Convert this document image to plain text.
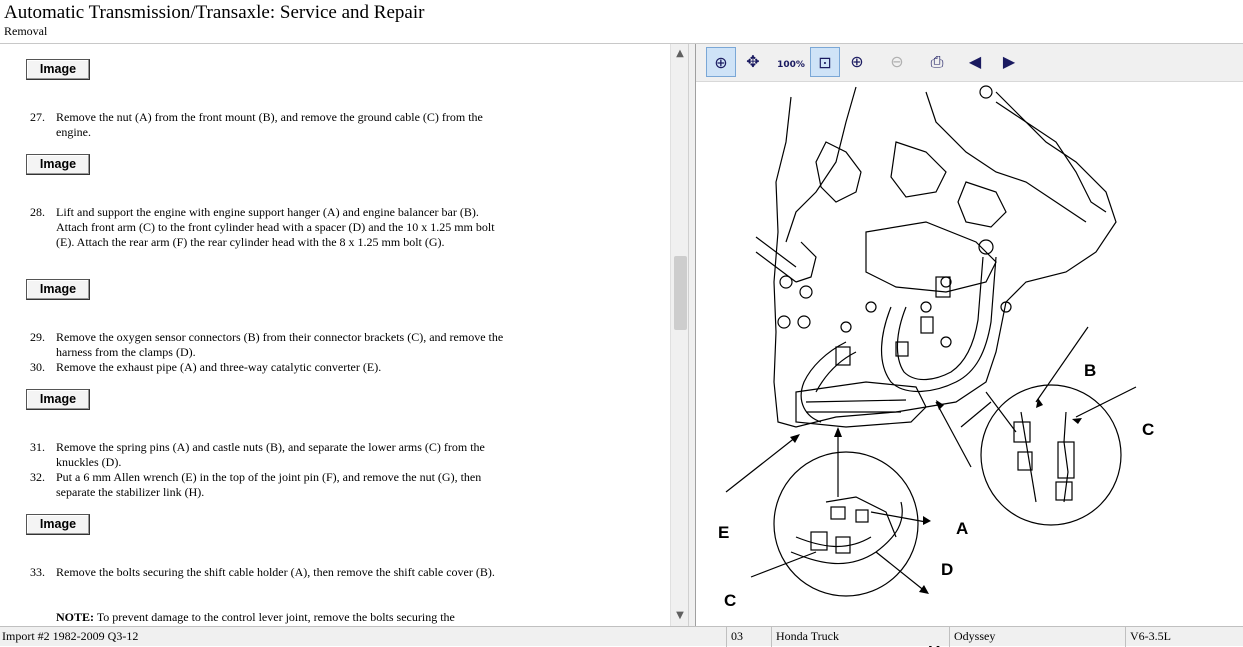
Automatic Transmission/Transaxle: Service and Repair
Removal
Image
27. Remove the nut (A) from the front mount (B), and remove the ground cable (C) from the engine.
Image
28. Lift and support the engine with engine support hanger (A) and engine balancer bar (B). Attach front arm (C) to the front cylinder head with a spacer (D) and the 10 x 1.25 mm bolt (E). Attach the rear arm (F) the rear cylinder head with the 8 x 1.25 mm bolt (G).
Image
29. Remove the oxygen sensor connectors (B) from their connector brackets (C), and remove the harness from the clamps (D).
30. Remove the exhaust pipe (A) and three-way catalytic converter (E).
Image
31. Remove the spring pins (A) and castle nuts (B), and separate the lower arms (C) from the knuckles (D).
32. Put a 6 mm Allen wrench (E) in the top of the joint pin (F), and remove the nut (G), then separate the stabilizer link (H).
Image
33. Remove the bolts securing the shift cable holder (A), then remove the shift cable cover (B).
NOTE: To prevent damage to the control lever joint, remove the bolts securing the
▲
▼
⊕	✥	100% ⊡	⊕	⊖	⎙	◀	▶
B
C
E	A
D
C
Import #2 1982-2009 Q3-12	03	Honda Truck	Odyssey	V6-3.5L
